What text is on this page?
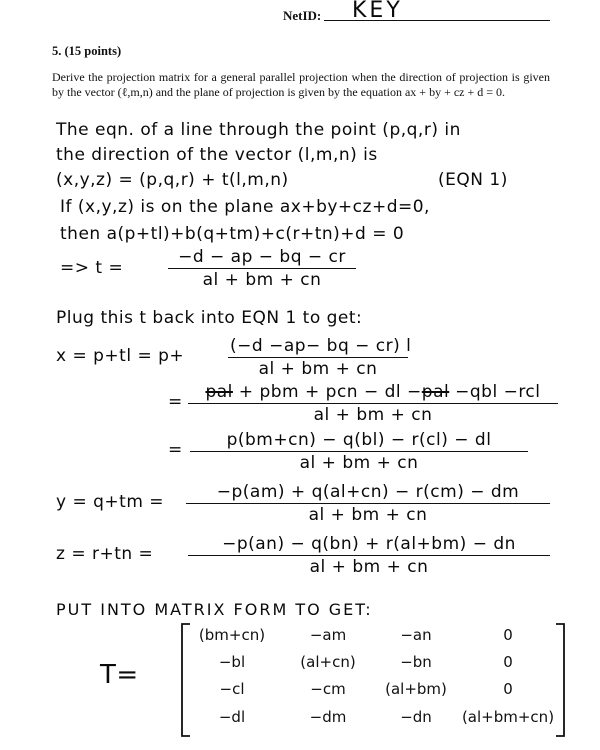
NetID: KEY
5. (15 points)
Derive the projection matrix for a general parallel projection when the direction of projection is given by the vector (ℓ,m,n) and the plane of projection is given by the equation ax + by + cz + d = 0.
The eqn. of a line through the point (p,q,r) in
the direction of the vector (l,m,n) is
(x,y,z) = (p,q,r) + t(l,m,n)	(EQN 1)
If (x,y,z) is on the plane ax+by+cz+d=0,
then a(p+tl)+b(q+tm)+c(r+tn)+d = 0
=> t =	$\frac{-d - ap - bq - cr}{al + bm + cn}$
Plug this t back into EQN 1 to get:
x = p+tl = p+	$\frac{(-d -ap- bq - cr) l}{al + bm + cn}$
=	pal + pbm + pcn − dl −pal −qbl −rcl
al + bm + cn
= $\frac{p(bm+cn) - q(bl) - r(cl) - dl}{al + bm + cn}$
$y = q+tm = \frac{-p(am) + q(al+cn) - r(cm) - dm}{al + bm + cn}$
$z = r+tn = \frac{-p(an) - q(bn) + r(al+bm) - dn}{al + bm + cn}$
PUT INTO MATRIX FORM TO GET:
T=
(bm+cn)	−am	−an	0
−bl	(al+cn)	−bn	0
−cl	−cm	(al+bm)	0
−dl	−dm	−dn	(al+bm+cn)
